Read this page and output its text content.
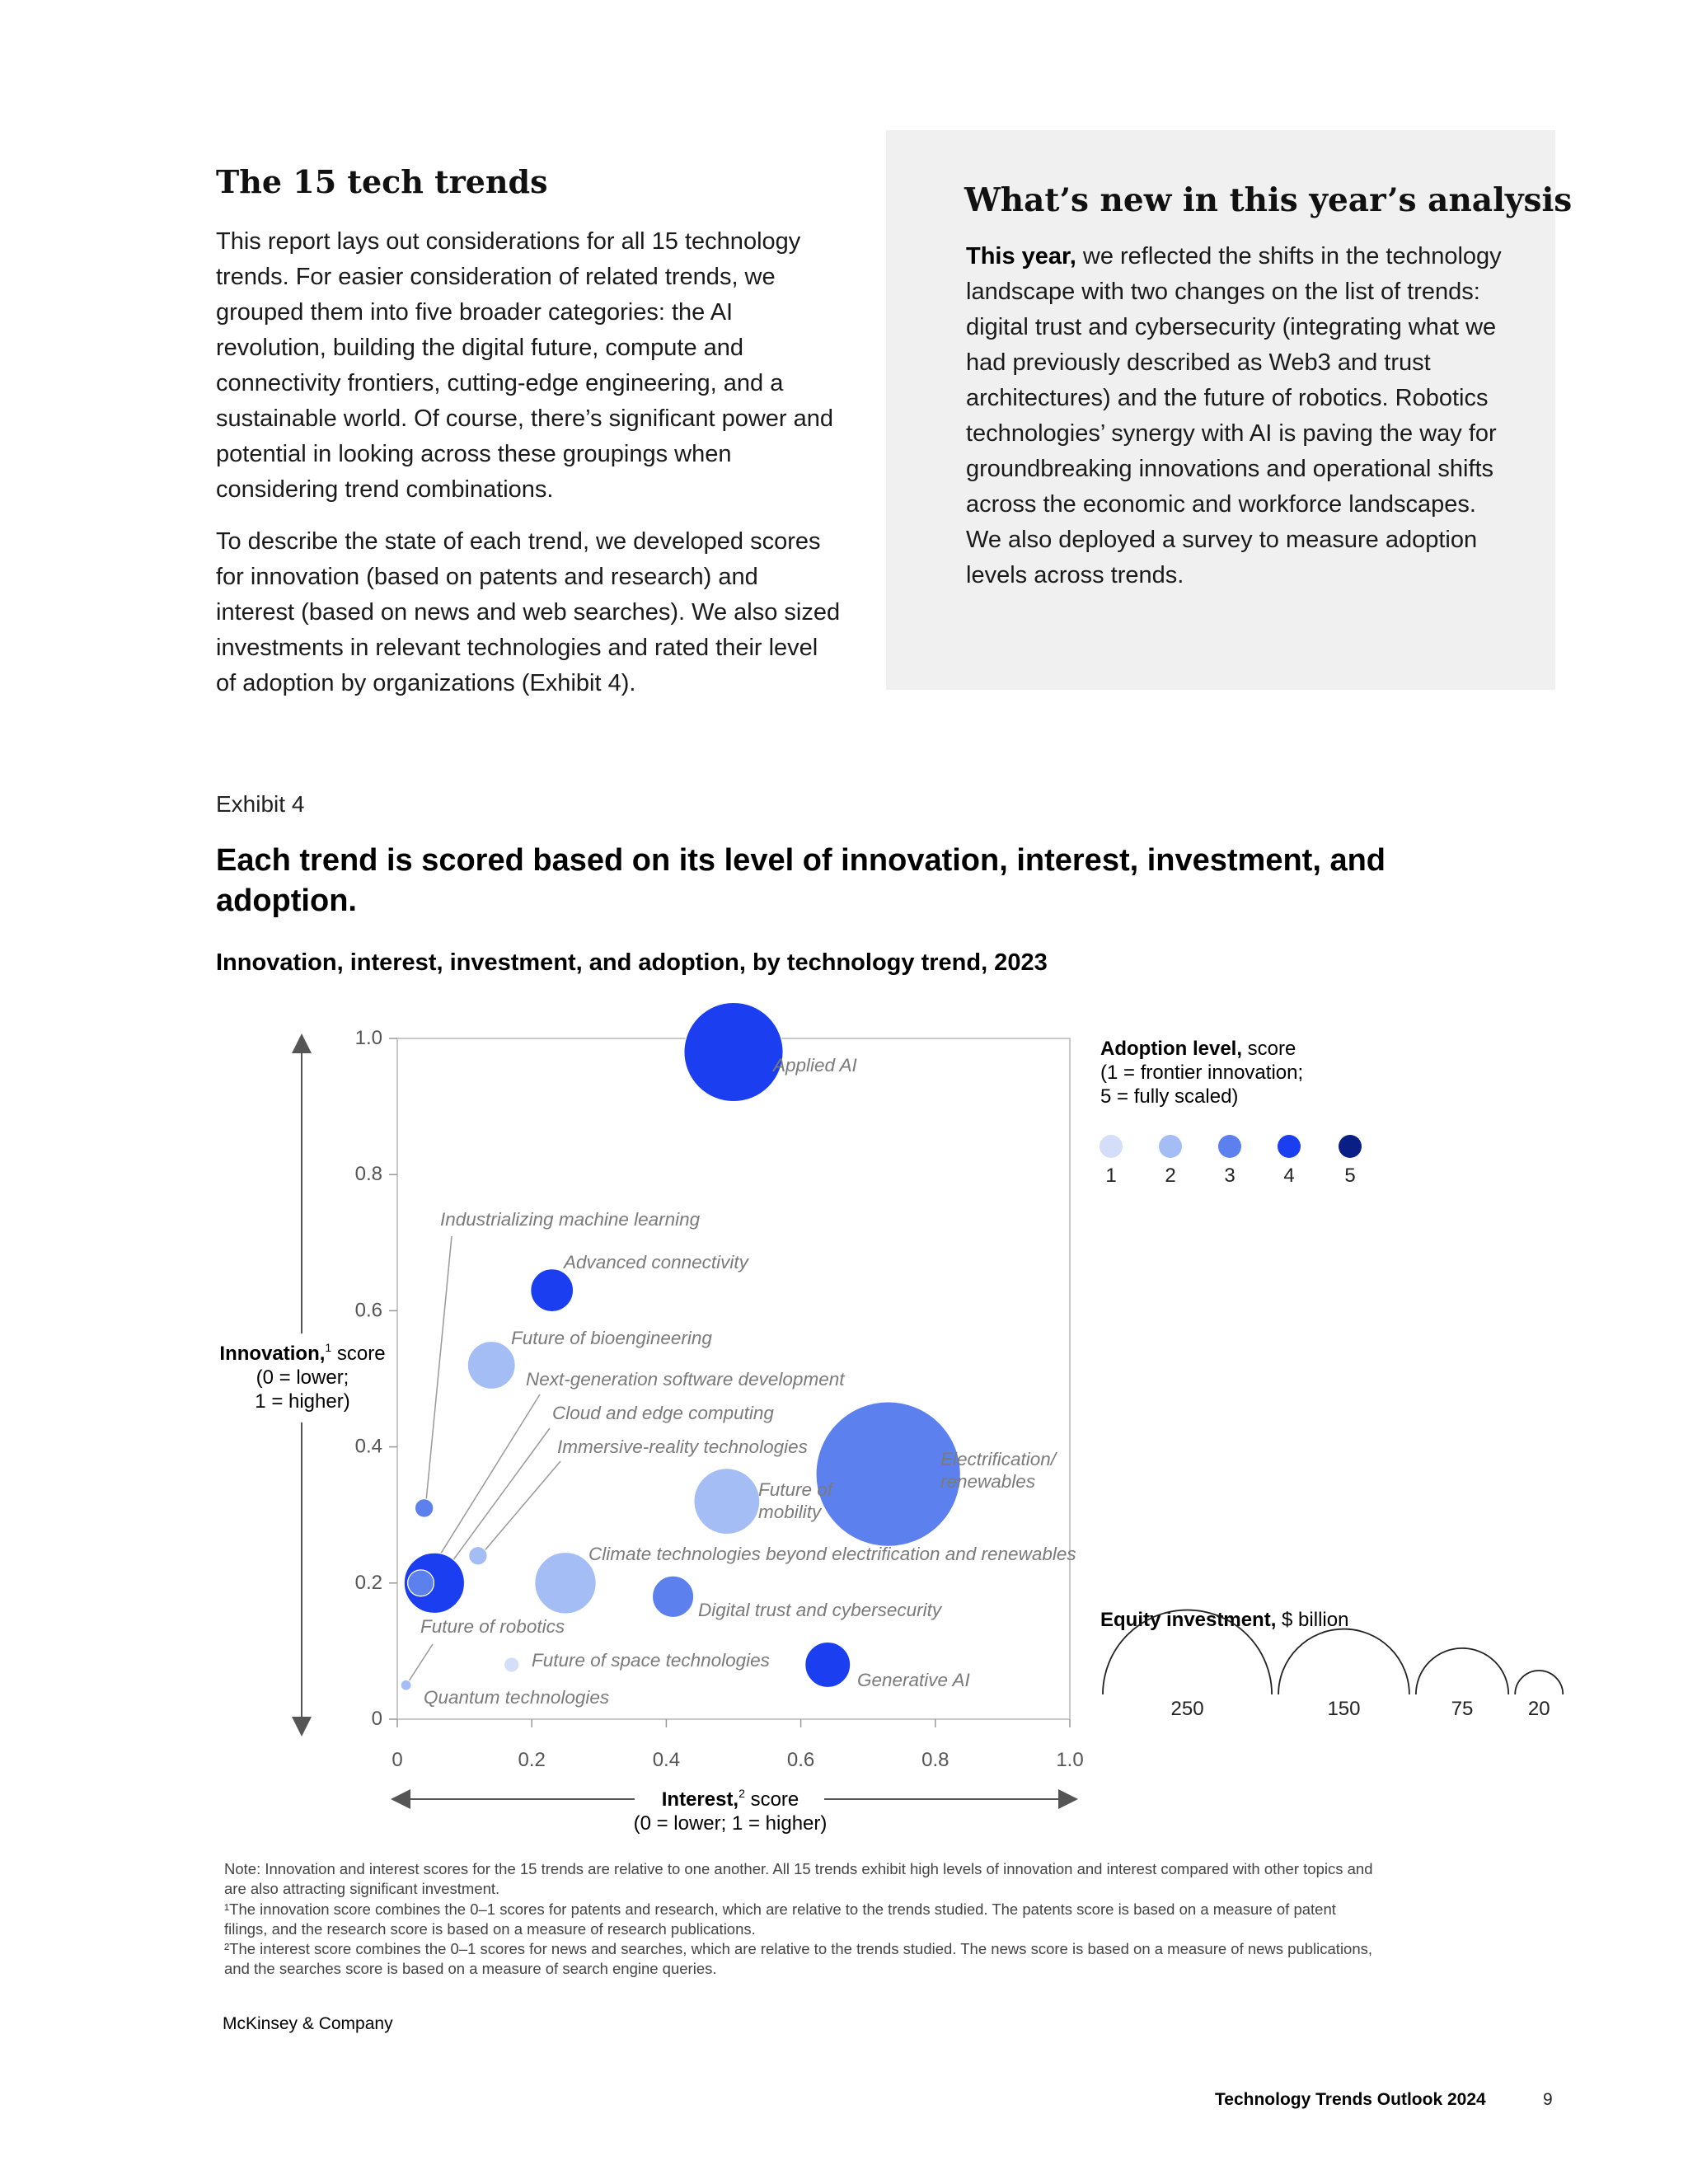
The 15 tech trends

This report lays out considerations for all 15 technology trends. For easier consideration of related trends, we grouped them into five broader categories: the AI revolution, building the digital future, compute and connectivity frontiers, cutting-edge engineering, and a sustainable world. Of course, there’s significant power and potential in looking across these groupings when considering trend combinations.

To describe the state of each trend, we developed scores for innovation (based on patents and research) and interest (based on news and web searches). We also sized investments in relevant technologies and rated their level of adoption by organizations (Exhibit 4).

What’s new in this year’s analysis

This year, we reflected the shifts in the technology landscape with two changes on the list of trends: digital trust and cybersecurity (integrating what we had previously described as Web3 and trust architectures) and the future of robotics. Robotics technologies’ synergy with AI is paving the way for groundbreaking innovations and operational shifts across the economic and workforce landscapes. We also deployed a survey to measure adoption levels across trends.

Exhibit 4
Each trend is scored based on its level of innovation, interest, investment, and adoption.
Innovation, interest, investment, and adoption, by technology trend, 2023
0
0.2
0.4
0.6
0.8
1.0
0	0.2	0.4	0.6	0.8	1.0
Innovation,$^1$ score
(0 = lower;
1 = higher)
Interest,$^2$ score
(0 = lower; 1 = higher)
Applied AI
Industrializing machine learning
Advanced connectivity
Future of bioengineering
Next-generation software development
Cloud and edge computing
Immersive-reality technologies
Electrification/ renewables
Future of mobility
Climate technologies beyond electrification and renewables
Digital trust and cybersecurity
Future of robotics
Future of space technologies
Generative AI
Quantum technologies
Adoption level, score
(1 = frontier innovation;
5 = fully scaled)
1 2 3 4	5
Equity investment, $ billion
250	150	75	20

Note: Innovation and interest scores for the 15 trends are relative to one another. All 15 trends exhibit high levels of innovation and interest compared with other topics and are also attracting significant investment.

¹The innovation score combines the 0–1 scores for patents and research, which are relative to the trends studied. The patents score is based on a measure of patent filings, and the research score is based on a measure of research publications.

²The interest score combines the 0–1 scores for news and searches, which are relative to the trends studied. The news score is based on a measure of news publications, and the searches score is based on a measure of search engine queries.

McKinsey & Company
Technology Trends Outlook 2024	9
